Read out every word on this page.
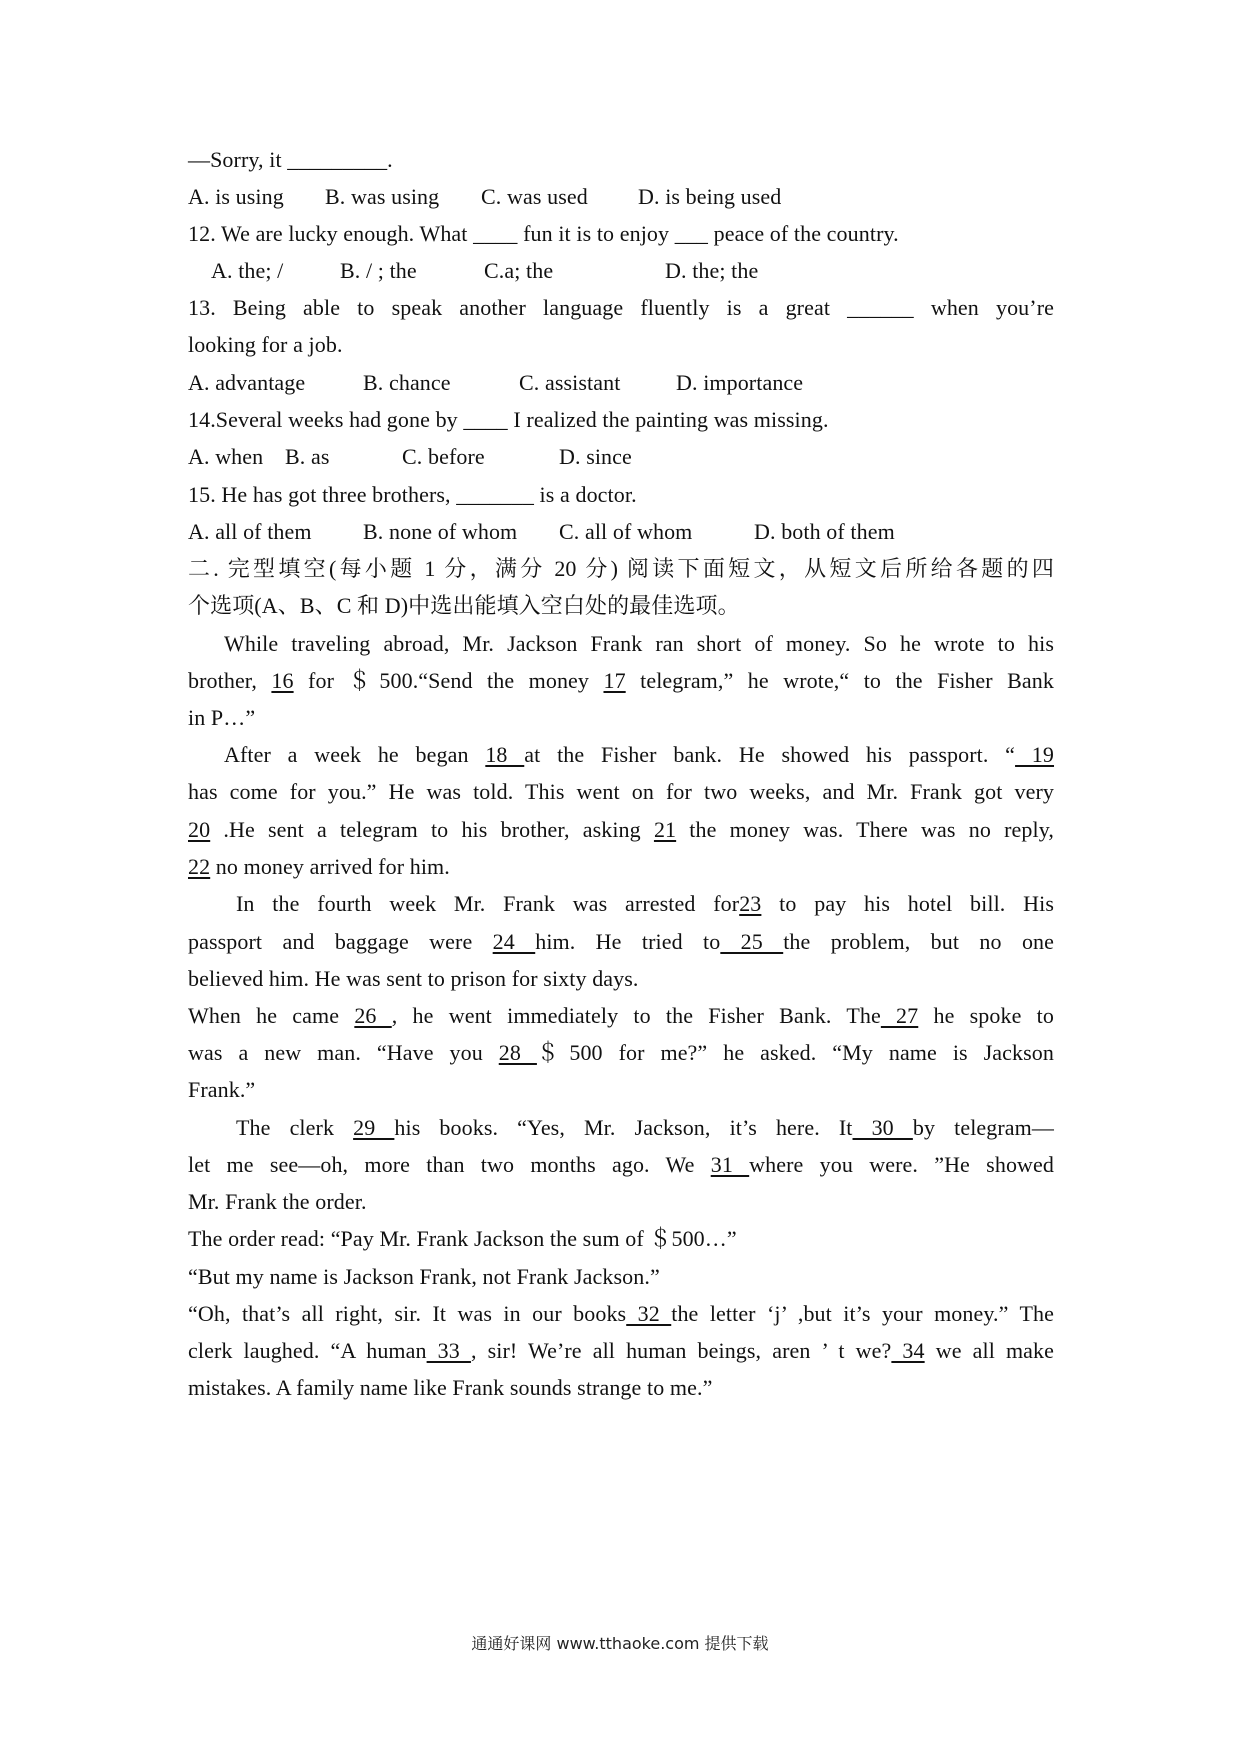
—Sorry, it _________.
A. is using B. was using C. was used D. is being used
12. We are lucky enough. What ____ fun it is to enjoy ___ peace of the country.
A. the; /	B. / ; the	C.a; the	D. the; the
13. Being able to speak another language fluently is a great ______ when you’re
looking for a job.
A. advantage	B. chance	C. assistant	D. importance
14.Several weeks had gone by ____ I realized the painting was missing.
A. when B. as	C. before	D. since
15. He has got three brothers, _______ is a doctor.
A. all of them B. none of whom C. all of whom	D. both of them
二. 完型填空(每小题 1 分，满分 20 分) 阅读下面短文，从短文后所给各题的四
个选项(A、B、C 和 D)中选出能填入空白处的最佳选项。
While traveling abroad, Mr. Jackson Frank ran short of money. So he wrote to his
brother, 16 for ＄500.“Send the money 17 telegram,” he wrote,“ to the Fisher Bank
in P…”
After a week he began 18 at the Fisher bank. He showed his passport. “ 19
has come for you.” He was told. This went on for two weeks, and Mr. Frank got very
20 .He sent a telegram to his brother, asking 21 the money was. There was no reply,
22 no money arrived for him.
In the fourth week Mr. Frank was arrested for23 to pay his hotel bill. His
passport and baggage were 24 him. He tried to 25 the problem, but no one
believed him. He was sent to prison for sixty days.
When he came 26 , he went immediately to the Fisher Bank. The 27 he spoke to
was a new man. “Have you 28 ＄500 for me?” he asked. “My name is Jackson
Frank.”
The clerk 29 his books. “Yes, Mr. Jackson, it’s here. It 30 by telegram—
let me see—oh, more than two months ago. We 31 where you were. ”He showed
Mr. Frank the order.
The order read: “Pay Mr. Frank Jackson the sum of ＄500…”
“But my name is Jackson Frank, not Frank Jackson.”
“Oh, that’s all right, sir. It was in our books 32 the letter ‘j’ ,but it’s your money.” The
clerk laughed. “A human 33 , sir! We’re all human beings, aren ’ t we? 34 we all make
mistakes. A family name like Frank sounds strange to me.”
通通好课网 www.tthaoke.com 提供下载
